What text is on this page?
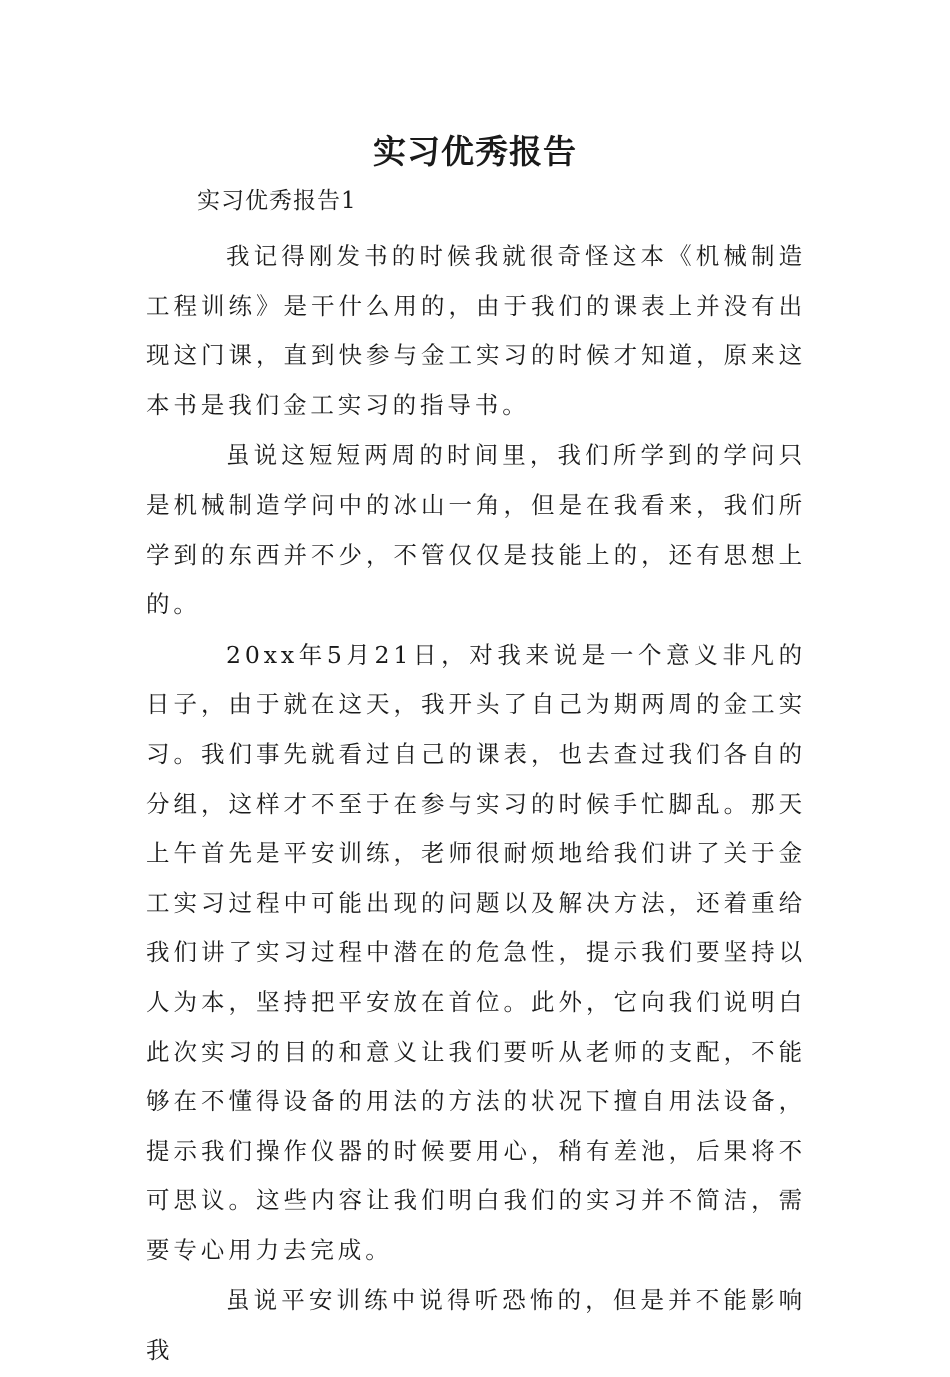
实习优秀报告

实习优秀报告1

我记得刚发书的时候我就很奇怪这本《机械制造工程训练》是干什么用的，由于我们的课表上并没有出现这门课，直到快参与金工实习的时候才知道，原来这本书是我们金工实习的指导书。

虽说这短短两周的时间里，我们所学到的学问只是机械制造学问中的冰山一角，但是在我看来，我们所学到的东西并不少，不管仅仅是技能上的，还有思想上的。

20xx年5月21日，对我来说是一个意义非凡的日子，由于就在这天，我开头了自己为期两周的金工实习。我们事先就看过自己的课表，也去查过我们各自的分组，这样才不至于在参与实习的时候手忙脚乱。那天上午首先是平安训练，老师很耐烦地给我们讲了关于金工实习过程中可能出现的问题以及解决方法，还着重给我们讲了实习过程中潜在的危急性，提示我们要坚持以人为本，坚持把平安放在首位。此外，它向我们说明白此次实习的目的和意义让我们要听从老师的支配，不能够在不懂得设备的用法的方法的状况下擅自用法设备，提示我们操作仪器的时候要用心，稍有差池，后果将不可思议。这些内容让我们明白我们的实习并不简洁，需要专心用力去完成。

虽说平安训练中说得听恐怖的，但是并不能影响我
